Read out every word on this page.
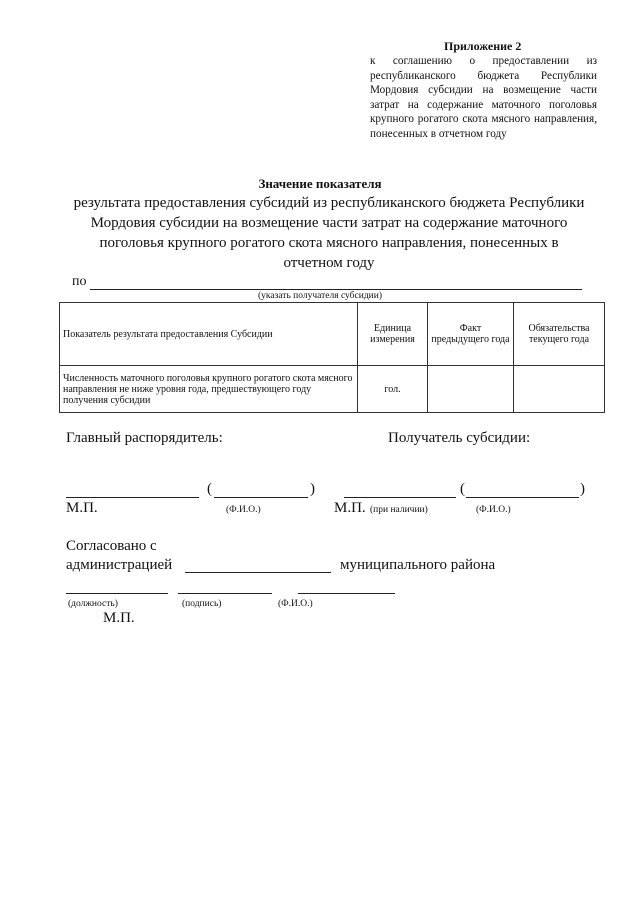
Приложение 2
к соглашению о предоставлении из республиканского бюджета Республики Мордовия субсидии на возмещение части затрат на содержание маточного поголовья крупного рогатого скота мясного направления, понесенных в отчетном году
Значение показателя
результата предоставления субсидий из республиканского бюджета Республики
Мордовия субсидии на возмещение части затрат на содержание маточного
поголовья крупного рогатого скота мясного направления, понесенных в
отчетном году
по
(указать получателя субсидии)
Показатель результата предоставления Субсидии	Единица измерения	Факт предыдущего года	Обязательства текущего года
Численность маточного поголовья крупного рогатого скота мясного направления не ниже уровня года, предшествующего году получения субсидии	гол.		
Главный распорядитель:	Получатель субсидии:
(	)	(	)
М.П.	(Ф.И.О.)	М.П. (при наличии)	(Ф.И.О.)
Согласовано с
администрацией	муниципального района
(должность)	(подпись)	(Ф.И.О.)
М.П.
